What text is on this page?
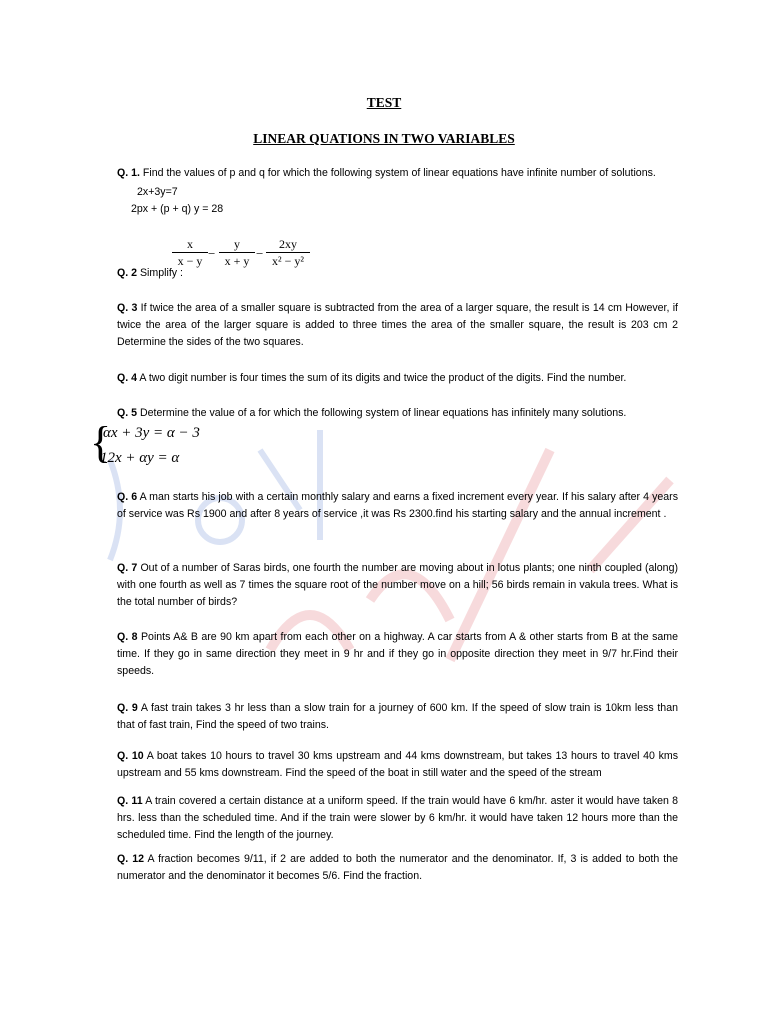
TEST
LINEAR QUATIONS IN TWO VARIABLES
Q. 1. Find the values of p and q for which the following system of linear equations have infinite number of solutions.
2x+3y=7
2px + (p + q) y = 28
x
x − y −
y
x + y −
2xy
x² − y²
Q. 2 Simplify :
Q. 3 If twice the area of a smaller square is subtracted from the area of a larger square, the result is 14 cm However, if twice the area of the larger square is added to three times the area of the smaller square, the result is 203 cm 2 Determine the sides of the two squares.
Q. 4 A two digit number is four times the sum of its digits and twice the product of the digits. Find the number.
Q. 5 Determine the value of a for which the following system of linear equations has infinitely many solutions.
{
αx + 3y = α − 3
12x + αy = α
Q. 6 A man starts his job with a certain monthly salary and earns a fixed increment every year. If his salary after 4 years of service was Rs 1900 and after 8 years of service ,it was Rs 2300.find his starting salary and the annual increment .
Q. 7 Out of a number of Saras birds, one fourth the number are moving about in lotus plants; one ninth coupled (along) with one fourth as well as 7 times the square root of the number move on a hill; 56 birds remain in vakula trees. What is the total number of birds?
Q. 8 Points A& B are 90 km apart from each other on a highway. A car starts from A & other starts from B at the same time. If they go in same direction they meet in 9 hr and if they go in opposite direction they meet in 9/7 hr.Find their speeds.
Q. 9 A fast train takes 3 hr less than a slow train for a journey of 600 km. If the speed of slow train is 10km less than that of fast train, Find the speed of two trains.
Q. 10 A boat takes 10 hours to travel 30 kms upstream and 44 kms downstream, but takes 13 hours to travel 40 kms upstream and 55 kms downstream. Find the speed of the boat in still water and the speed of the stream
Q. 11 A train covered a certain distance at a uniform speed. If the train would have 6 km/hr. aster it would have taken 8 hrs. less than the scheduled time. And if the train were slower by 6 km/hr. it would have taken 12 hours more than the scheduled time. Find the length of the journey.
Q. 12 A fraction becomes 9/11, if 2 are added to both the numerator and the denominator. If, 3 is added to both the numerator and the denominator it becomes 5/6. Find the fraction.
